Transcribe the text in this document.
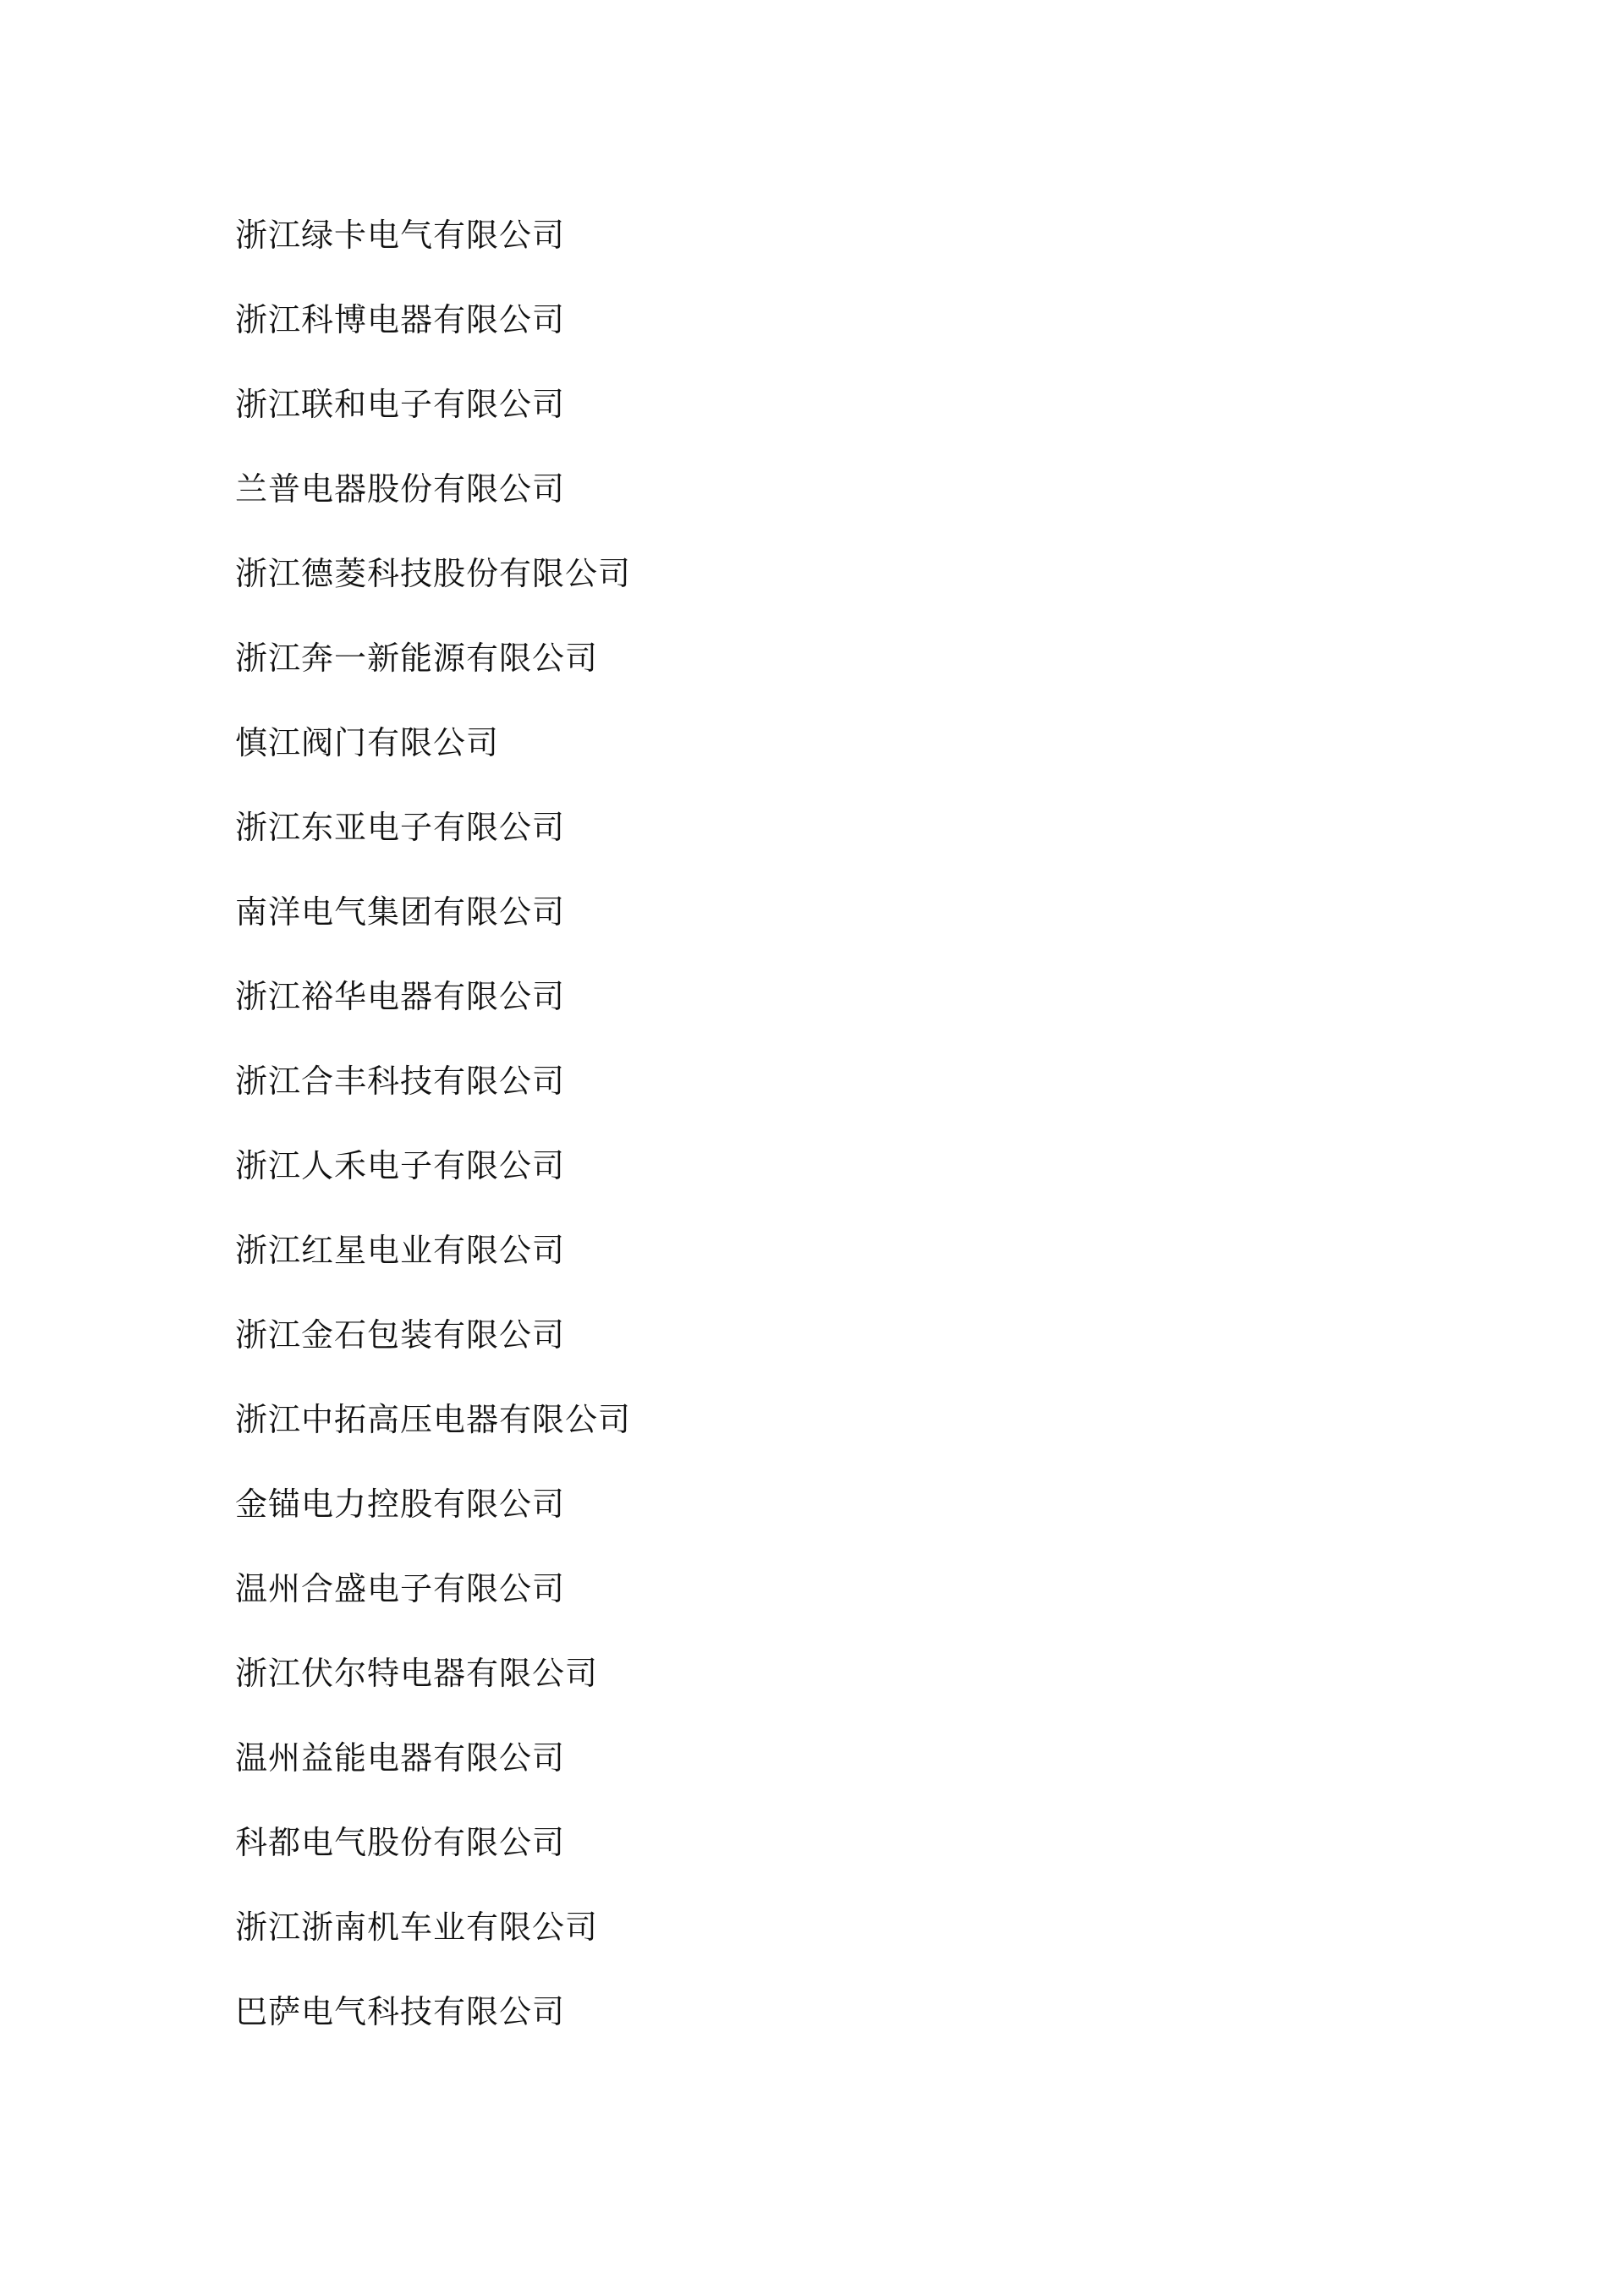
浙江绿卡电气有限公司
浙江科博电器有限公司
浙江联和电子有限公司
兰普电器股份有限公司
浙江德菱科技股份有限公司
浙江奔一新能源有限公司
慎江阀门有限公司
浙江东亚电子有限公司
南洋电气集团有限公司
浙江裕华电器有限公司
浙江合丰科技有限公司
浙江人禾电子有限公司
浙江红星电业有限公司
浙江金石包装有限公司
浙江中拓高压电器有限公司
金锚电力控股有限公司
温州合盛电子有限公司
浙江伏尔特电器有限公司
温州益能电器有限公司
科都电气股份有限公司
浙江浙南机车业有限公司
巴萨电气科技有限公司
